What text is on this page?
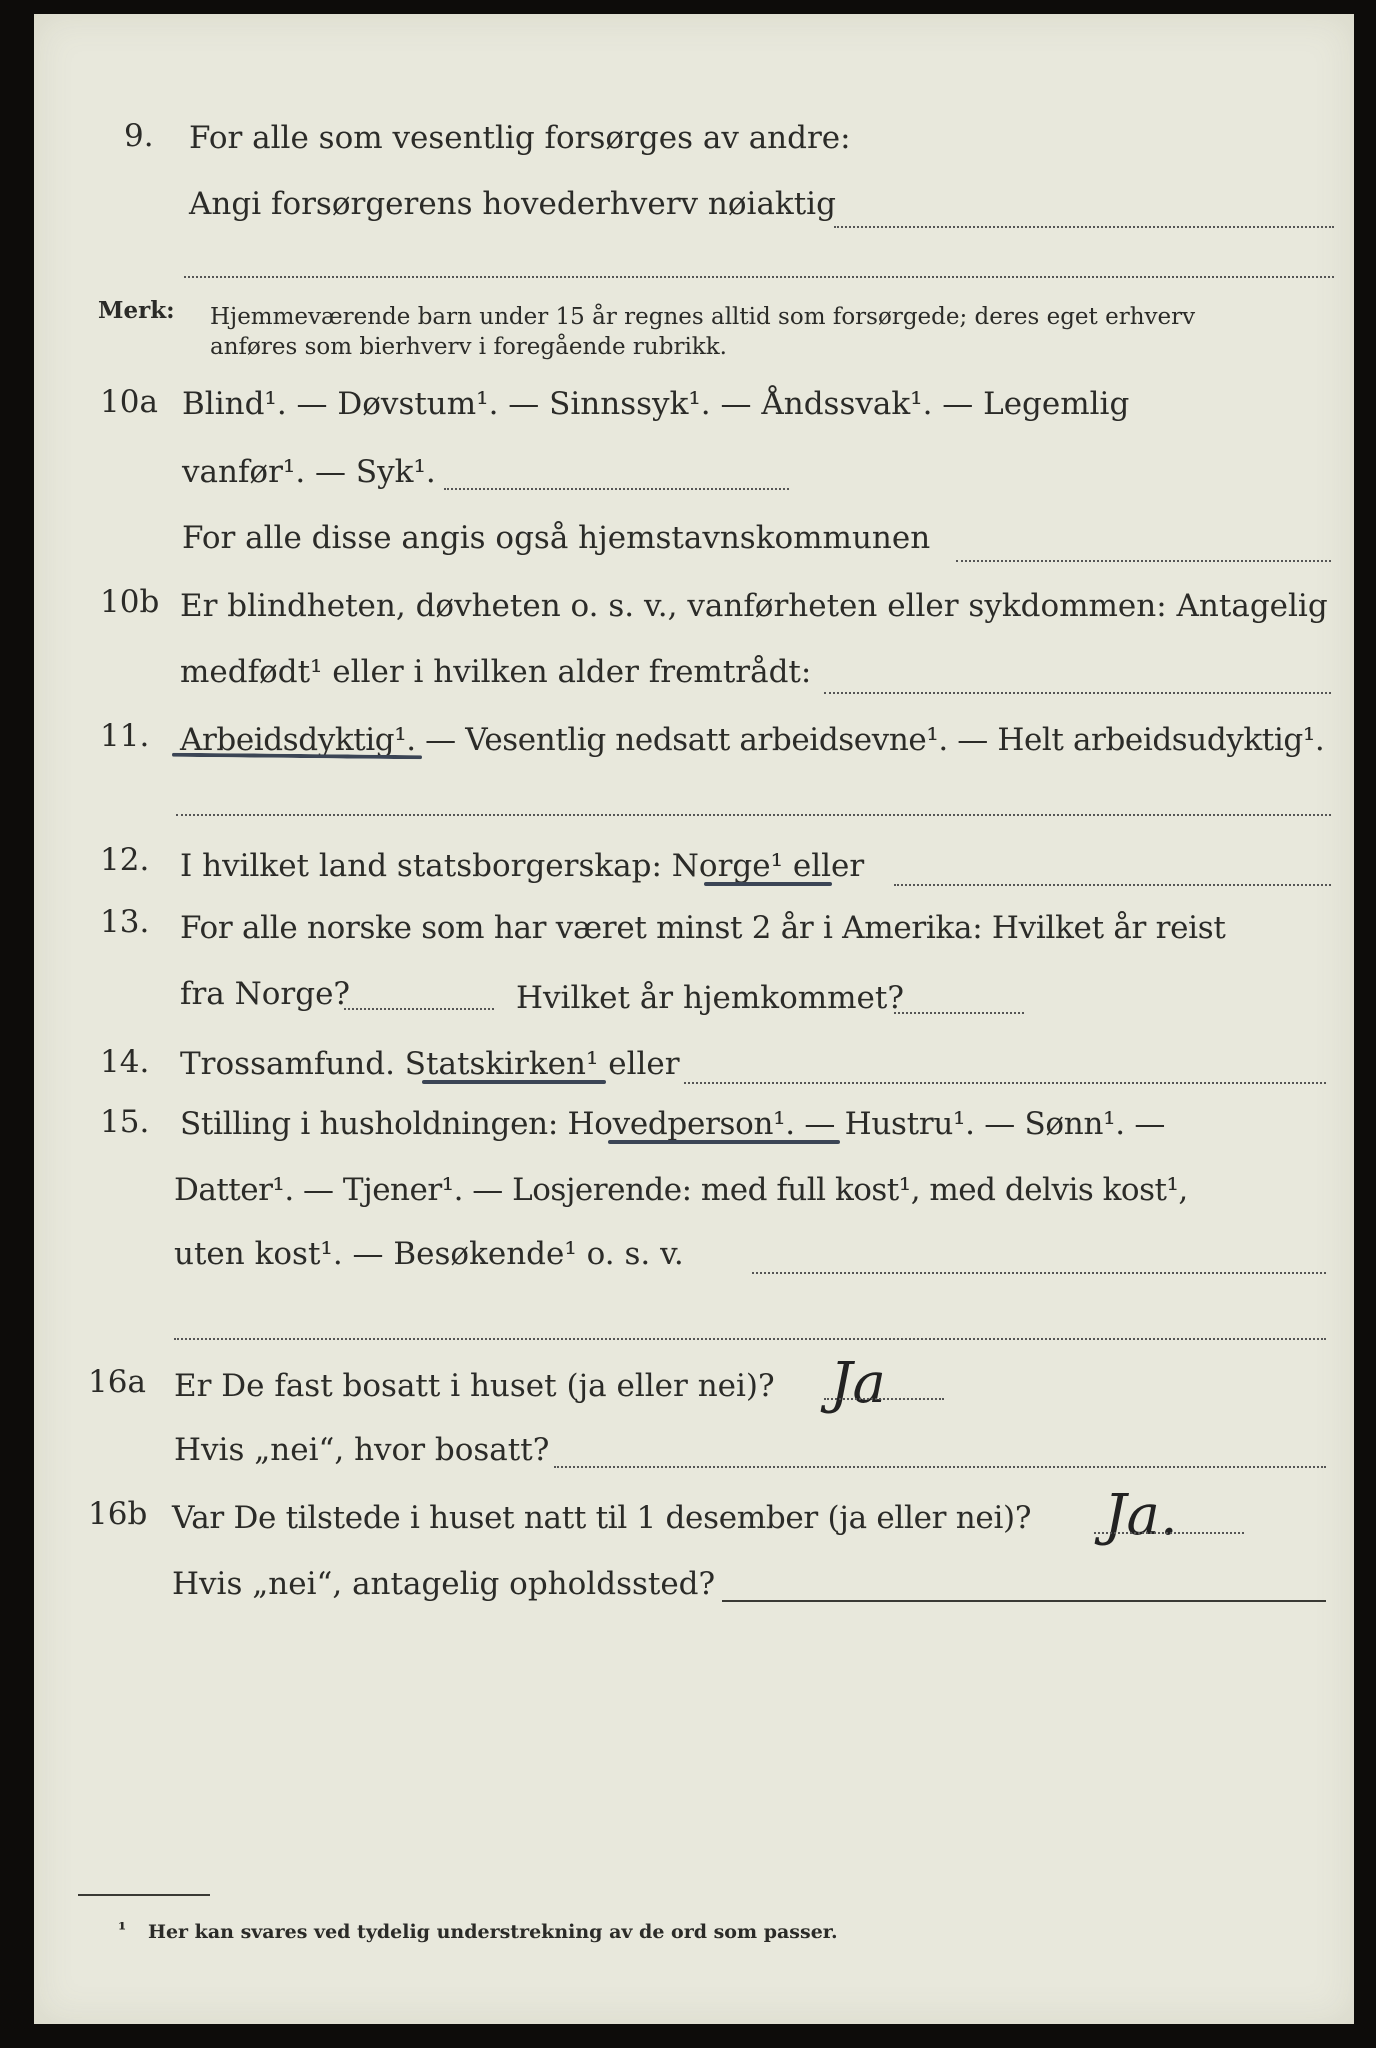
9. For alle som vesentlig forsørges av andre:
Angi forsørgerens hovederhverv nøiaktig
Merk: Hjemmeværende barn under 15 år regnes alltid som forsørgede; deres eget erhverv
anføres som bierhverv i foregående rubrikk.
10a Blind¹. — Døvstum¹. — Sinnssyk¹. — Åndssvak¹. — Legemlig
vanfør¹. — Syk¹.
For alle disse angis også hjemstavnskommunen
10b Er blindheten, døvheten o. s. v., vanførheten eller sykdommen: Antagelig
medfødt¹ eller i hvilken alder fremtrådt:
11. Arbeidsdyktig¹. — Vesentlig nedsatt arbeidsevne¹. — Helt arbeidsudyktig¹.
12. I hvilket land statsborgerskap: Norge¹ eller
13. For alle norske som har været minst 2 år i Amerika: Hvilket år reist
fra Norge?	Hvilket år hjemkommet?
14. Trossamfund. Statskirken¹ eller
15. Stilling i husholdningen: Hovedperson¹. — Hustru¹. — Sønn¹. —
Datter¹. — Tjener¹. — Losjerende: med full kost¹, med delvis kost¹,
uten kost¹. — Besøkende¹ o. s. v.
16a Er De fast bosatt i huset (ja eller nei)? Ja
Hvis „nei“, hvor bosatt?
16b Var De tilstede i huset natt til 1 desember (ja eller nei)? Ja.
Hvis „nei“, antagelig opholdssted?
¹ Her kan svares ved tydelig understrekning av de ord som passer.
